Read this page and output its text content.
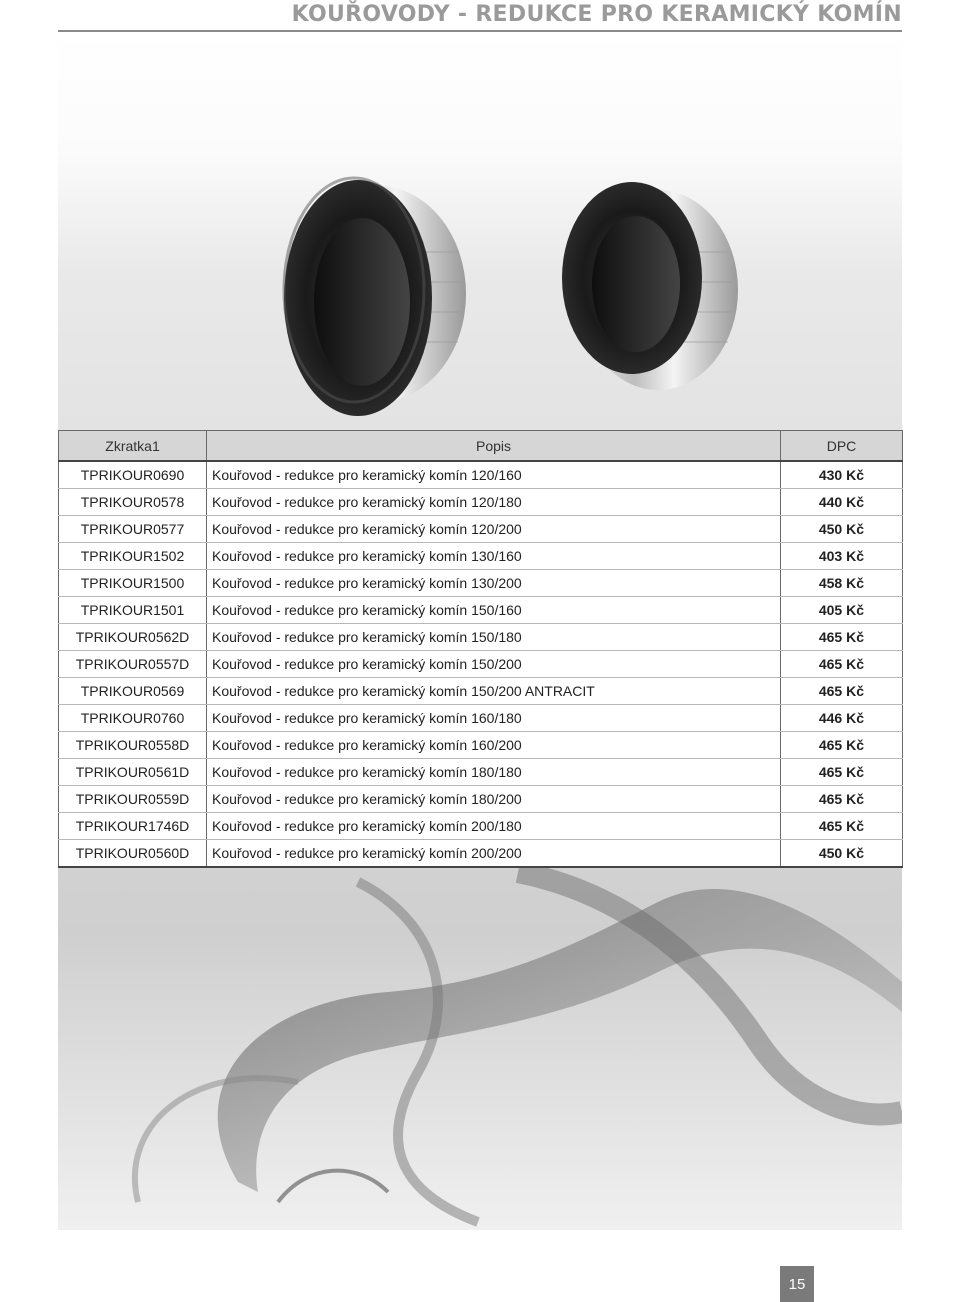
KOUŘOVODY - REDUKCE PRO KERAMICKÝ KOMÍN
Zkratka1	Popis	DPC
TPRIKOUR0690	Kouřovod - redukce pro keramický komín 120/160	430 Kč
TPRIKOUR0578	Kouřovod - redukce pro keramický komín 120/180	440 Kč
TPRIKOUR0577	Kouřovod - redukce pro keramický komín 120/200	450 Kč
TPRIKOUR1502	Kouřovod - redukce pro keramický komín 130/160	403 Kč
TPRIKOUR1500	Kouřovod - redukce pro keramický komín 130/200	458 Kč
TPRIKOUR1501	Kouřovod - redukce pro keramický komín 150/160	405 Kč
TPRIKOUR0562D	Kouřovod - redukce pro keramický komín 150/180	465 Kč
TPRIKOUR0557D	Kouřovod - redukce pro keramický komín 150/200	465 Kč
TPRIKOUR0569	Kouřovod - redukce pro keramický komín 150/200 ANTRACIT	465 Kč
TPRIKOUR0760	Kouřovod - redukce pro keramický komín 160/180	446 Kč
TPRIKOUR0558D	Kouřovod - redukce pro keramický komín 160/200	465 Kč
TPRIKOUR0561D	Kouřovod - redukce pro keramický komín 180/180	465 Kč
TPRIKOUR0559D	Kouřovod - redukce pro keramický komín 180/200	465 Kč
TPRIKOUR1746D	Kouřovod - redukce pro keramický komín 200/180	465 Kč
TPRIKOUR0560D	Kouřovod - redukce pro keramický komín 200/200	450 Kč
15
